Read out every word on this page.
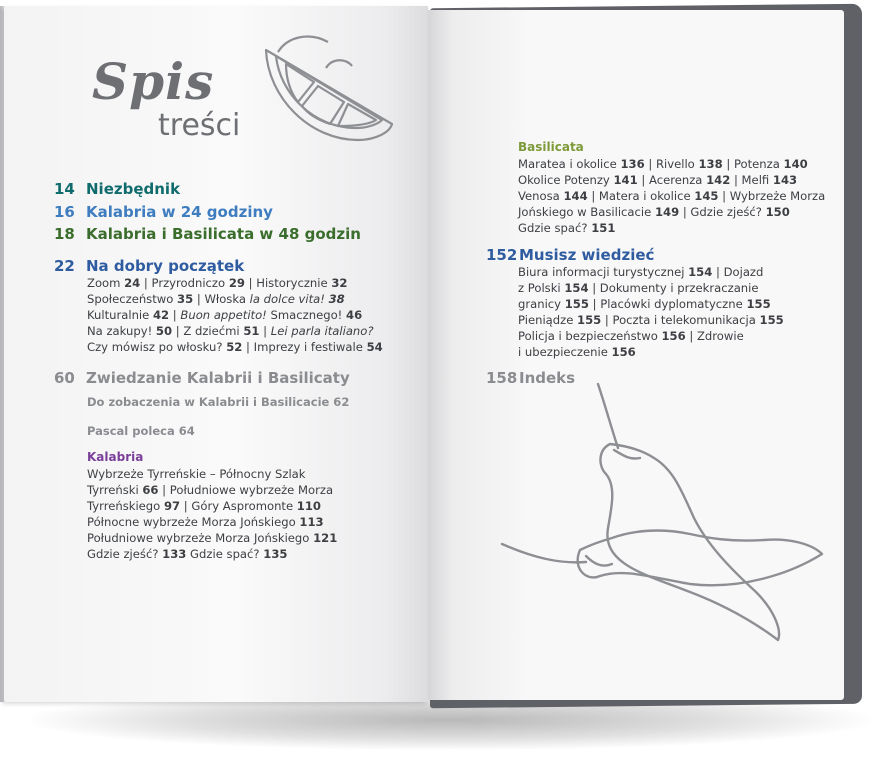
Spis
treści
14 Niezbędnik
16 Kalabria w 24 godziny
18 Kalabria i Basilicata w 48 godzin
22 Na dobry początek
Zoom 24 | Przyrodniczo 29 | Historycznie 32
Społeczeństwo 35 | Włoska la dolce vita! 38
Kulturalnie 42 | Buon appetito! Smacznego! 46
Na zakupy! 50 | Z dziećmi 51 | Lei parla italiano?
Czy mówisz po włosku? 52 | Imprezy i festiwale 54
60 Zwiedzanie Kalabrii i Basilicaty
Do zobaczenia w Kalabrii i Basilicacie 62
Pascal poleca 64
Kalabria
Wybrzeże Tyrreńskie – Północny Szlak
Tyrreński 66 | Południowe wybrzeże Morza
Tyrreńskiego 97 | Góry Aspromonte 110
Północne wybrzeże Morza Jońskiego 113
Południowe wybrzeże Morza Jońskiego 121
Gdzie zjeść? 133 Gdzie spać? 135
Basilicata
Maratea i okolice 136 | Rivello 138 | Potenza 140
Okolice Potenzy 141 | Acerenza 142 | Melfi 143
Venosa 144 | Matera i okolice 145 | Wybrzeże Morza
Jońskiego w Basilicacie 149 | Gdzie zjeść? 150
Gdzie spać? 151
152 Musisz wiedzieć
Biura informacji turystycznej 154 | Dojazd
z Polski 154 | Dokumenty i przekraczanie
granicy 155 | Placówki dyplomatyczne 155
Pieniądze 155 | Poczta i telekomunikacja 155
Policja i bezpieczeństwo 156 | Zdrowie
i ubezpieczenie 156
158 Indeks
